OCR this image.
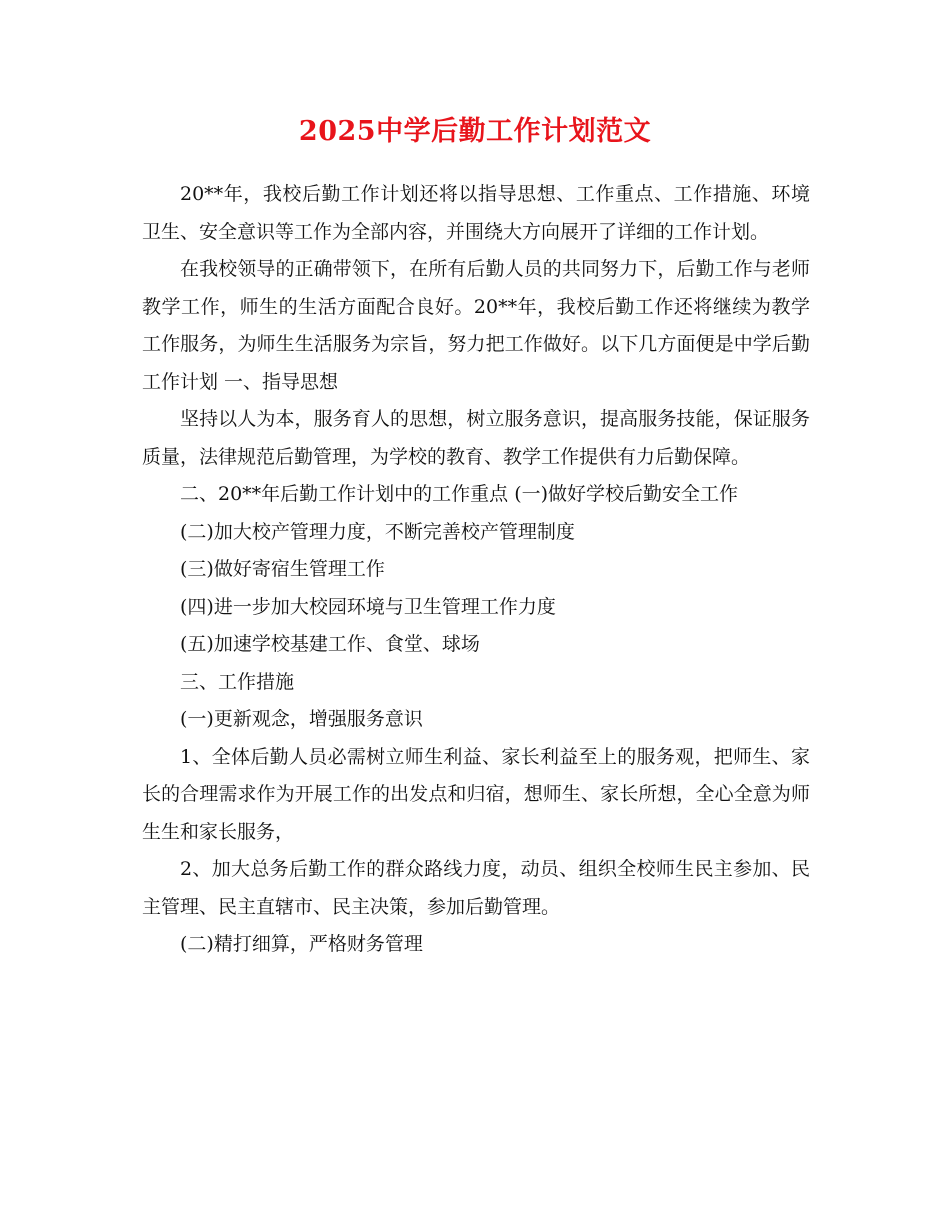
2025中学后勤工作计划范文

20**年，我校后勤工作计划还将以指导思想、工作重点、工作措施、环境卫生、安全意识等工作为全部内容，并围绕大方向展开了详细的工作计划。

在我校领导的正确带领下，在所有后勤人员的共同努力下，后勤工作与老师教学工作，师生的生活方面配合良好。20**年，我校后勤工作还将继续为教学工作服务，为师生生活服务为宗旨，努力把工作做好。以下几方面便是中学后勤工作计划 一、指导思想

坚持以人为本，服务育人的思想，树立服务意识，提高服务技能，保证服务质量，法律规范后勤管理，为学校的教育、教学工作提供有力后勤保障。

二、20**年后勤工作计划中的工作重点 (一)做好学校后勤安全工作

(二)加大校产管理力度，不断完善校产管理制度

(三)做好寄宿生管理工作

(四)进一步加大校园环境与卫生管理工作力度

(五)加速学校基建工作、食堂、球场

三、工作措施

(一)更新观念，增强服务意识

1、全体后勤人员必需树立师生利益、家长利益至上的服务观，把师生、家长的合理需求作为开展工作的出发点和归宿，想师生、家长所想，全心全意为师生生和家长服务，

2、加大总务后勤工作的群众路线力度，动员、组织全校师生民主参加、民主管理、民主直辖市、民主决策，参加后勤管理。

(二)精打细算，严格财务管理
